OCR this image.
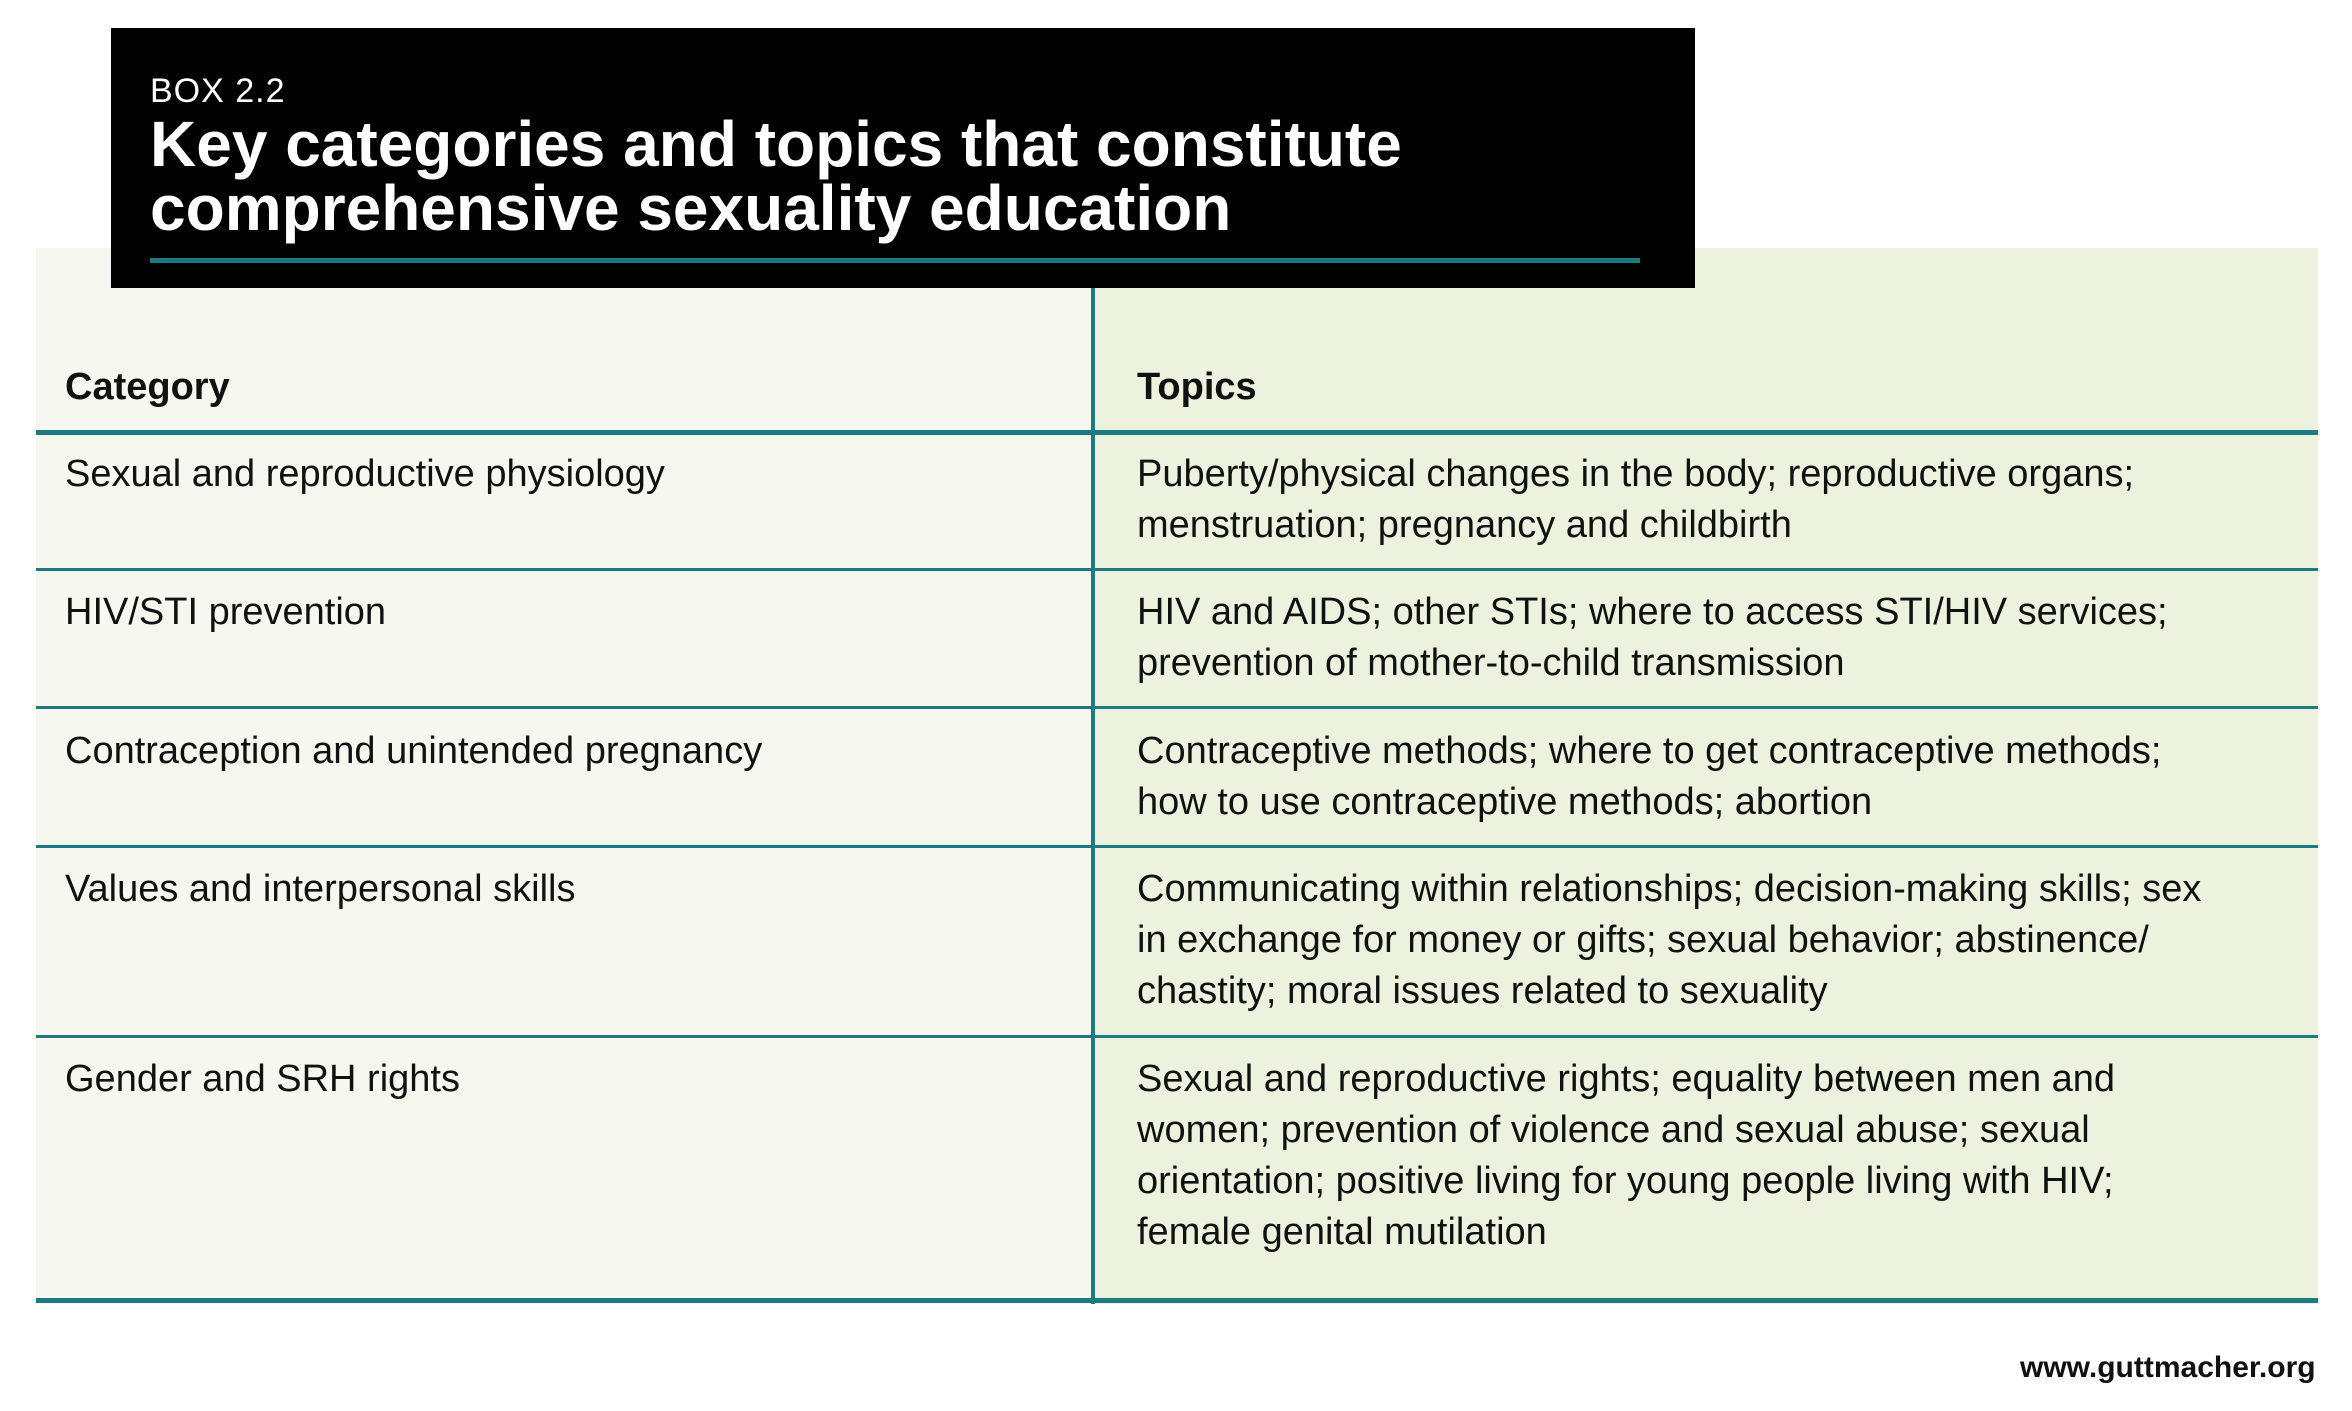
Category	Topics
Sexual and reproductive physiology	Puberty/physical changes in the body; reproductive organs;
menstruation; pregnancy and childbirth
HIV/STI prevention	HIV and AIDS; other STIs; where to access STI/HIV services;
prevention of mother-to-child transmission
Contraception and unintended pregnancy	Contraceptive methods; where to get contraceptive methods;
how to use contraceptive methods; abortion
Values and interpersonal skills	Communicating within relationships; decision-making skills; sex
in exchange for money or gifts; sexual behavior; abstinence/
chastity; moral issues related to sexuality
Gender and SRH rights	Sexual and reproductive rights; equality between men and
women; prevention of violence and sexual abuse; sexual
orientation; positive living for young people living with HIV;
female genital mutilation
BOX 2.2
Key categories and topics that constitute
comprehensive sexuality education
www.guttmacher.org
